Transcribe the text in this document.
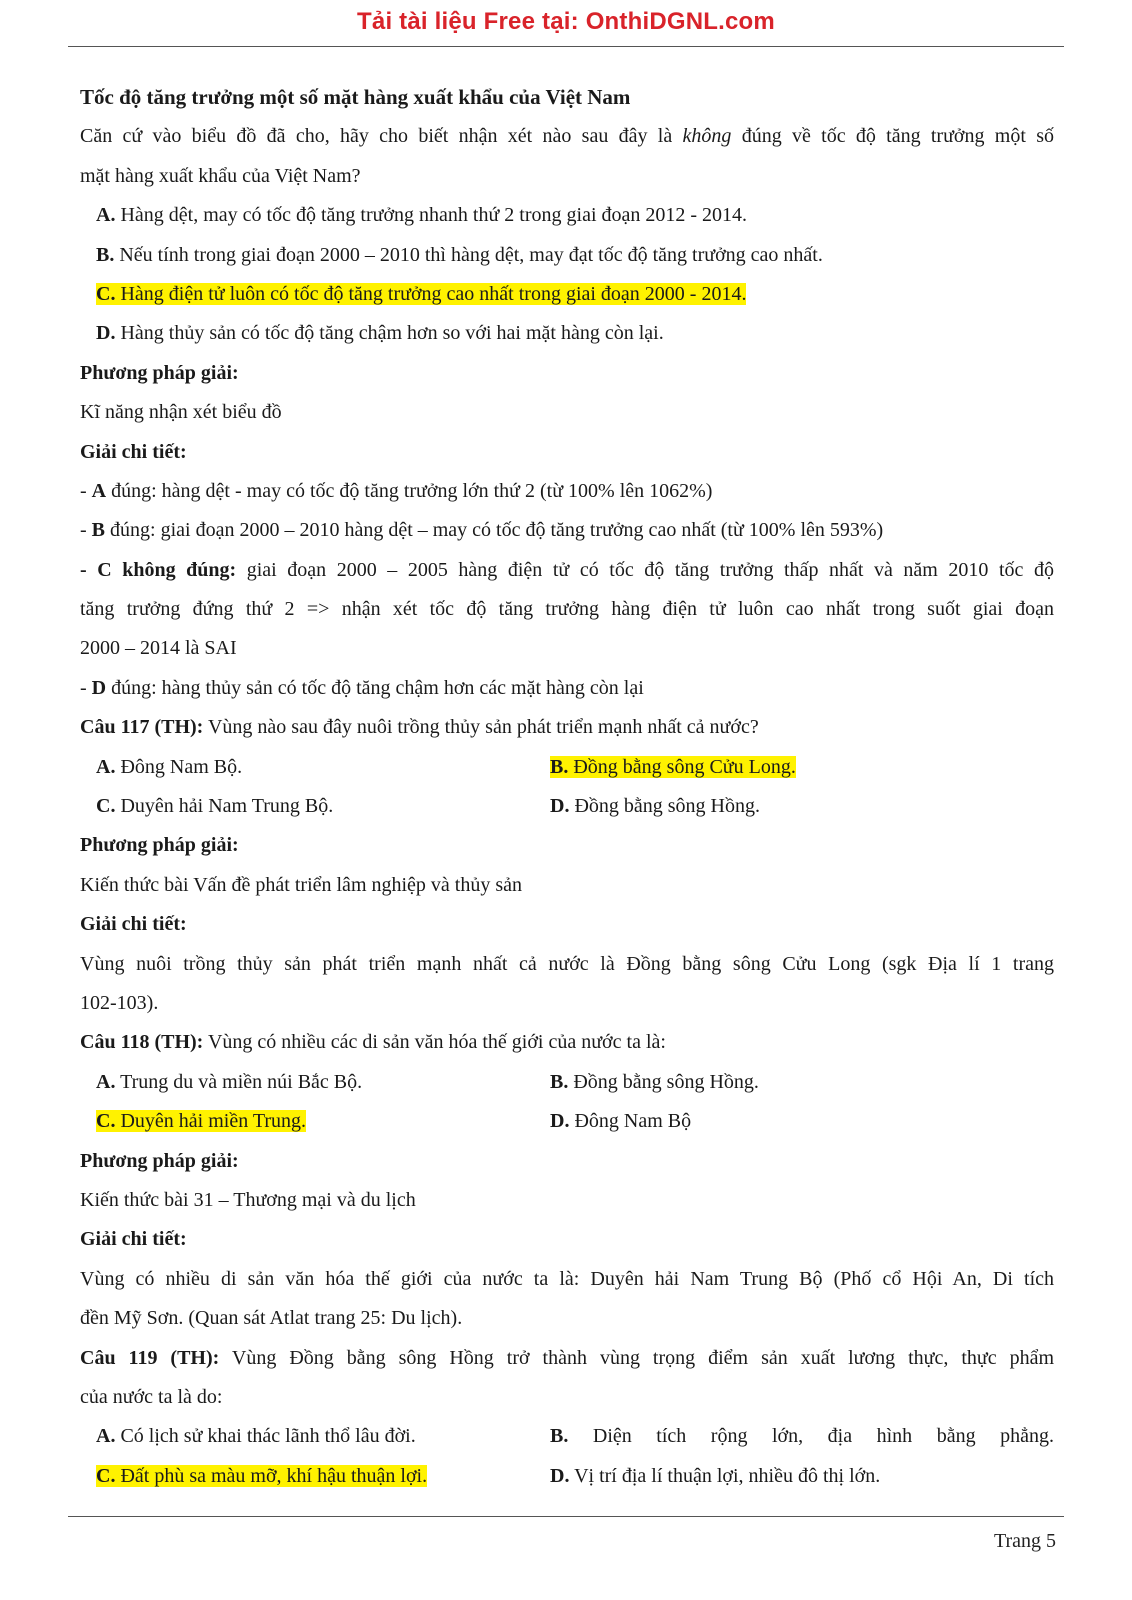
Tải tài liệu Free tại: OnthiDGNL.com
Tốc độ tăng trưởng một số mặt hàng xuất khẩu của Việt Nam
Căn cứ vào biểu đồ đã cho, hãy cho biết nhận xét nào sau đây là không đúng về tốc độ tăng trưởng một số
mặt hàng xuất khẩu của Việt Nam?
A. Hàng dệt, may có tốc độ tăng trưởng nhanh thứ 2 trong giai đoạn 2012 - 2014.
B. Nếu tính trong giai đoạn 2000 – 2010 thì hàng dệt, may đạt tốc độ tăng trưởng cao nhất.
C. Hàng điện tử luôn có tốc độ tăng trưởng cao nhất trong giai đoạn 2000 - 2014.
D. Hàng thủy sản có tốc độ tăng chậm hơn so với hai mặt hàng còn lại.
Phương pháp giải:
Kĩ năng nhận xét biểu đồ
Giải chi tiết:
- A đúng: hàng dệt - may có tốc độ tăng trưởng lớn thứ 2 (từ 100% lên 1062%)
- B đúng: giai đoạn 2000 – 2010 hàng dệt – may có tốc độ tăng trưởng cao nhất (từ 100% lên 593%)
- C không đúng: giai đoạn 2000 – 2005 hàng điện tử có tốc độ tăng trưởng thấp nhất và năm 2010 tốc độ
tăng trưởng đứng thứ 2 => nhận xét tốc độ tăng trưởng hàng điện tử luôn cao nhất trong suốt giai đoạn
2000 – 2014 là SAI
- D đúng: hàng thủy sản có tốc độ tăng chậm hơn các mặt hàng còn lại
Câu 117 (TH): Vùng nào sau đây nuôi trồng thủy sản phát triển mạnh nhất cả nước?
A. Đông Nam Bộ.	B. Đồng bằng sông Cửu Long.
C. Duyên hải Nam Trung Bộ.	D. Đồng bằng sông Hồng.
Phương pháp giải:
Kiến thức bài Vấn đề phát triển lâm nghiệp và thủy sản
Giải chi tiết:
Vùng nuôi trồng thủy sản phát triển mạnh nhất cả nước là Đồng bằng sông Cửu Long (sgk Địa lí 1 trang
102-103).
Câu 118 (TH): Vùng có nhiều các di sản văn hóa thế giới của nước ta là:
A. Trung du và miền núi Bắc Bộ.	B. Đồng bằng sông Hồng.
C. Duyên hải miền Trung.	D. Đông Nam Bộ
Phương pháp giải:
Kiến thức bài 31 – Thương mại và du lịch
Giải chi tiết:
Vùng có nhiều di sản văn hóa thế giới của nước ta là: Duyên hải Nam Trung Bộ (Phố cổ Hội An, Di tích
đền Mỹ Sơn. (Quan sát Atlat trang 25: Du lịch).
Câu 119 (TH): Vùng Đồng bằng sông Hồng trở thành vùng trọng điểm sản xuất lương thực, thực phẩm
của nước ta là do:
A. Có lịch sử khai thác lãnh thổ lâu đời.	B. Diện tích rộng lớn, địa hình bằng phẳng.
C. Đất phù sa màu mỡ, khí hậu thuận lợi.	D. Vị trí địa lí thuận lợi, nhiều đô thị lớn.
Trang 5
